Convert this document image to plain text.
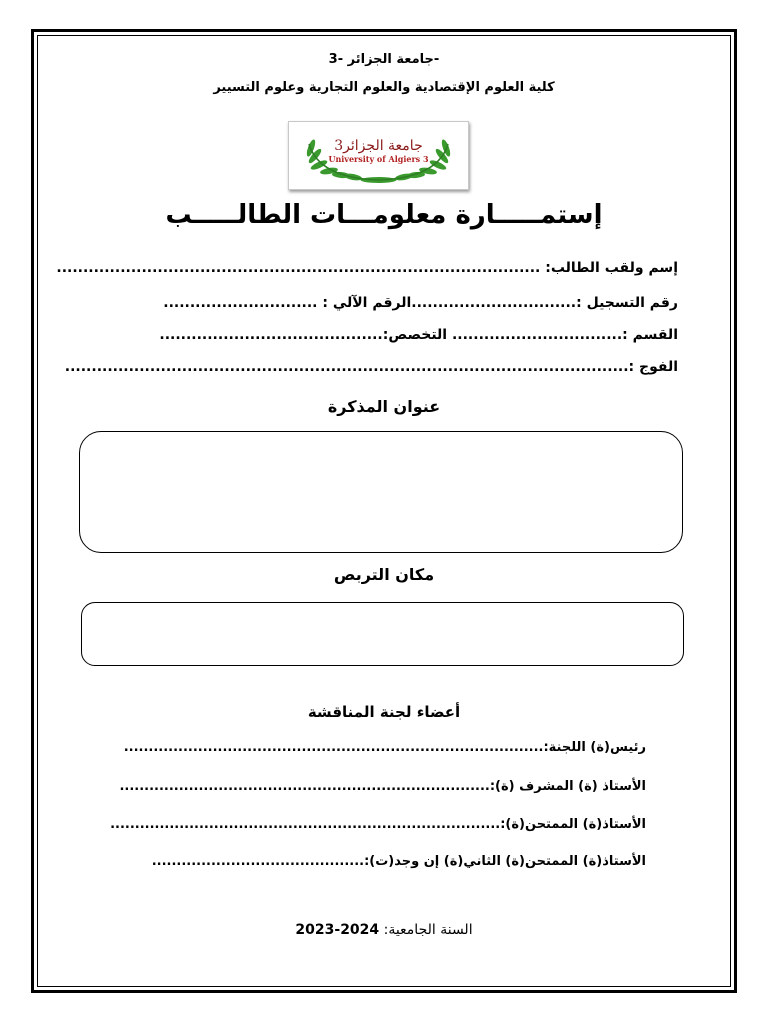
جامعة الجزائر -3-
كلية العلوم الإقتصادية والعلوم التجارية وعلوم التسيير
جامعة الجزائر3
University of Algiers 3
إستمـــــارة معلومـــات الطالـــــب
إسم ولقب الطالب: ...........................................................................................
رقم التسجيل :...............................الرقم الآلي : .............................
القسم :................................ التخصص:..........................................
الفوج :..........................................................................................................
عنوان المذكرة
مكان التربص
أعضاء لجنة المناقشة
رئيس(ة) اللجنة:.....................................................................................
الأستاذ (ة) المشرف (ة):...........................................................................
الأستاذ(ة) الممتحن(ة):...............................................................................
الأستاذ(ة) الممتحن(ة) الثاني(ة) إن وجد(ت):...........................................
السنة الجامعية: 2024-2023
